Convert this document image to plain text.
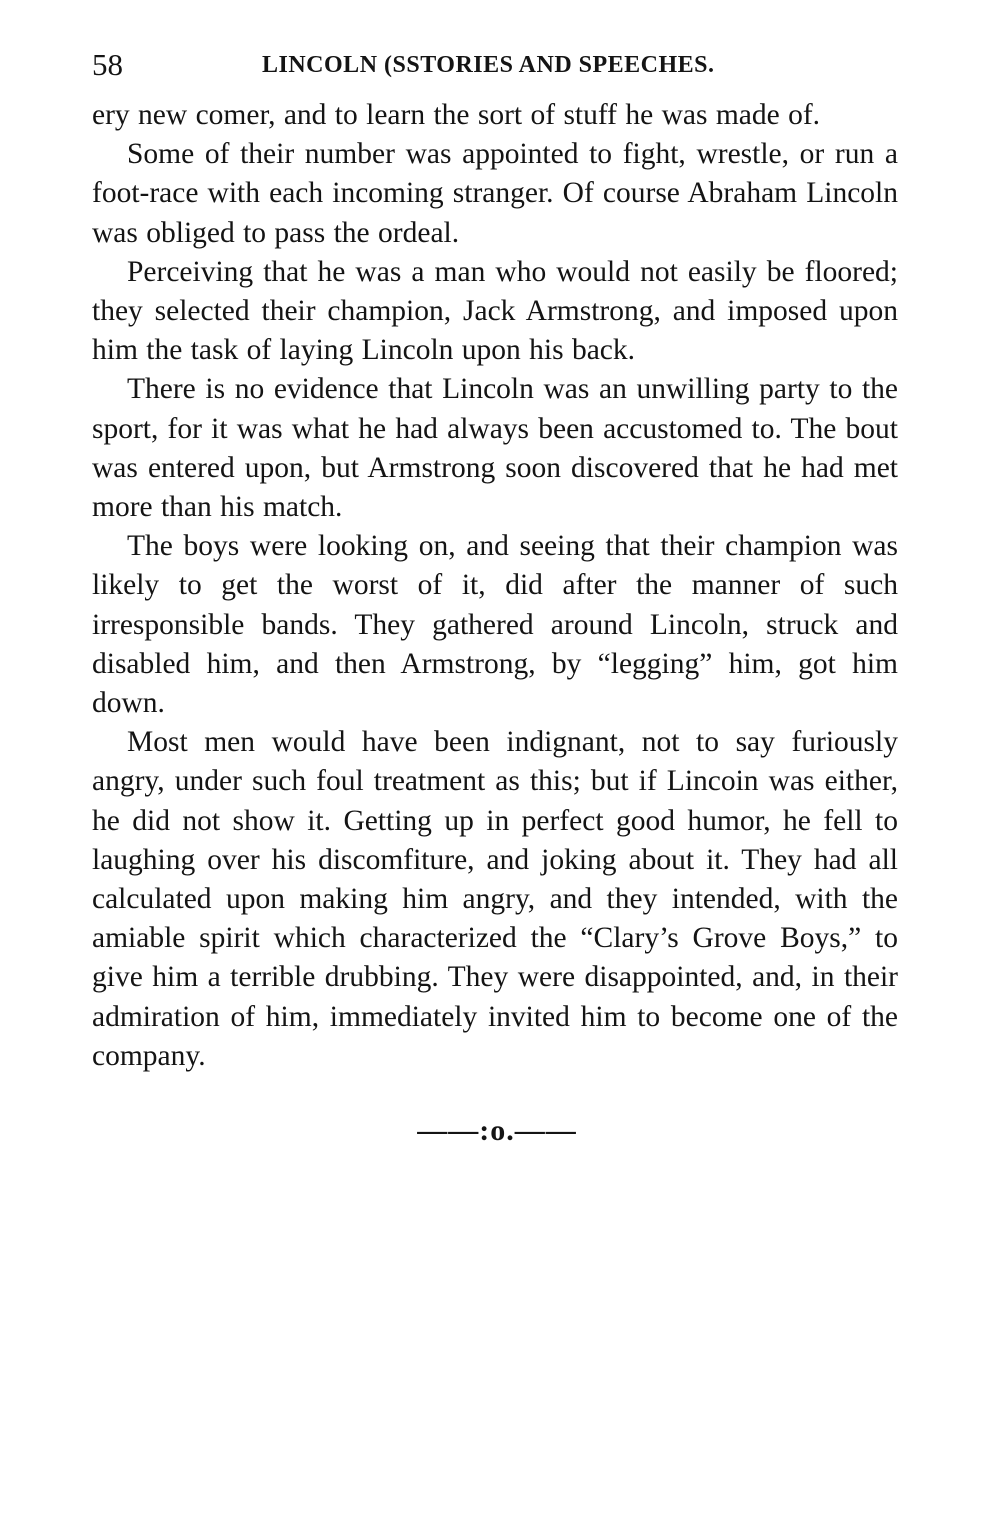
58	LINCOLN (SSTORIES AND SPEECHES.

ery new comer, and to learn the sort of stuff he was made of.

Some of their number was appointed to fight, wrestle, or run a foot-race with each incoming stranger. Of course Abraham Lincoln was obliged to pass the ordeal.

Perceiving that he was a man who would not easily be floored; they selected their champion, Jack Armstrong, and imposed upon him the task of laying Lincoln upon his back.

There is no evidence that Lincoln was an unwilling party to the sport, for it was what he had always been accustomed to. The bout was entered upon, but Armstrong soon discovered that he had met more than his match.

The boys were looking on, and seeing that their champion was likely to get the worst of it, did after the manner of such irresponsible bands. They gathered around Lincoln, struck and disabled him, and then Armstrong, by “legging” him, got him down.

Most men would have been indignant, not to say furiously angry, under such foul treatment as this; but if Lincoin was either, he did not show it. Getting up in perfect good humor, he fell to laughing over his discomfiture, and joking about it. They had all calculated upon making him angry, and they intended, with the amiable spirit which characterized the “Clary’s Grove Boys,” to give him a terrible drubbing. They were disappointed, and, in their admiration of him, immediately invited him to become one of the company.

——:o.——
